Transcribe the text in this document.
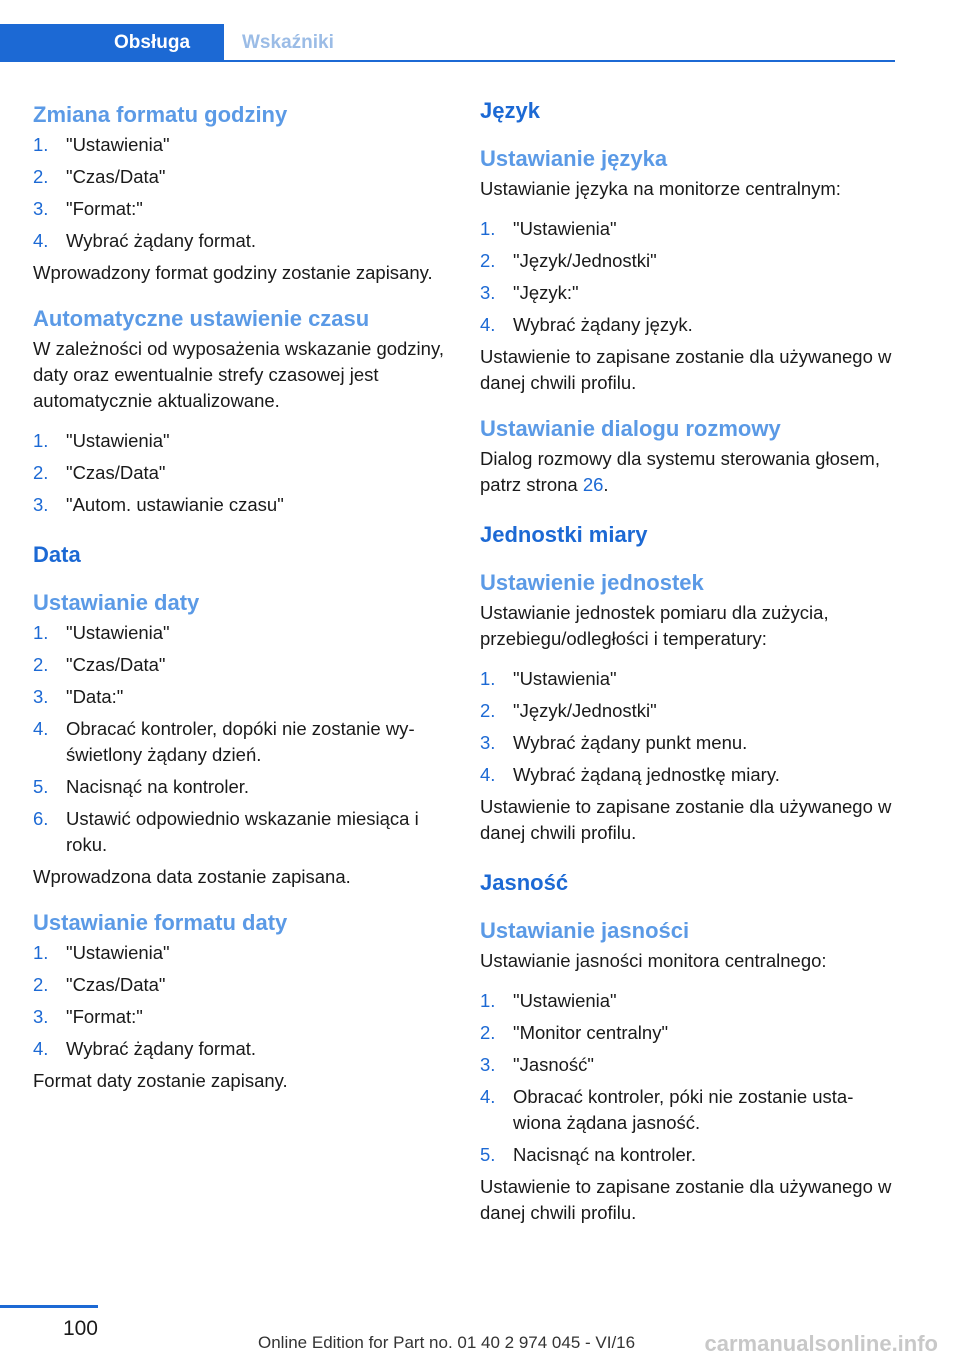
Obsługa	Wskaźniki
Zmiana formatu godziny
1. "Ustawienia"
2. "Czas/Data"
3. "Format:"
4. Wybrać żądany format.
Wprowadzony format godziny zostanie zapisany.
Automatyczne ustawienie czasu
W zależności od wyposażenia wskazanie godziny, daty oraz ewentualnie strefy czasowej jest automatycznie aktualizowane.
1. "Ustawienia"
2. "Czas/Data"
3. "Autom. ustawianie czasu"
Data
Ustawianie daty
1. "Ustawienia"
2. "Czas/Data"
3. "Data:"
4. Obracać kontroler, dopóki nie zostanie wyświetlony żądany dzień.
5. Nacisnąć na kontroler.
6. Ustawić odpowiednio wskazanie miesiąca i roku.
Wprowadzona data zostanie zapisana.
Ustawianie formatu daty
1. "Ustawienia"
2. "Czas/Data"
3. "Format:"
4. Wybrać żądany format.
Format daty zostanie zapisany.
Język
Ustawianie języka
Ustawianie języka na monitorze centralnym:
1. "Ustawienia"
2. "Język/Jednostki"
3. "Język:"
4. Wybrać żądany język.
Ustawienie to zapisane zostanie dla używanego w danej chwili profilu.
Ustawianie dialogu rozmowy
Dialog rozmowy dla systemu sterowania głosem, patrz strona 26.
Jednostki miary
Ustawienie jednostek
Ustawianie jednostek pomiaru dla zużycia, przebiegu/odległości i temperatury:
1. "Ustawienia"
2. "Język/Jednostki"
3. Wybrać żądany punkt menu.
4. Wybrać żądaną jednostkę miary.
Ustawienie to zapisane zostanie dla używanego w danej chwili profilu.
Jasność
Ustawianie jasności
Ustawianie jasności monitora centralnego:
1. "Ustawienia"
2. "Monitor centralny"
3. "Jasność"
4. Obracać kontroler, póki nie zostanie ustawiona żądana jasność.
5. Nacisnąć na kontroler.
Ustawienie to zapisane zostanie dla używanego w danej chwili profilu.
100
Online Edition for Part no. 01 40 2 974 045 - VI/16	carmanualsonline.info
